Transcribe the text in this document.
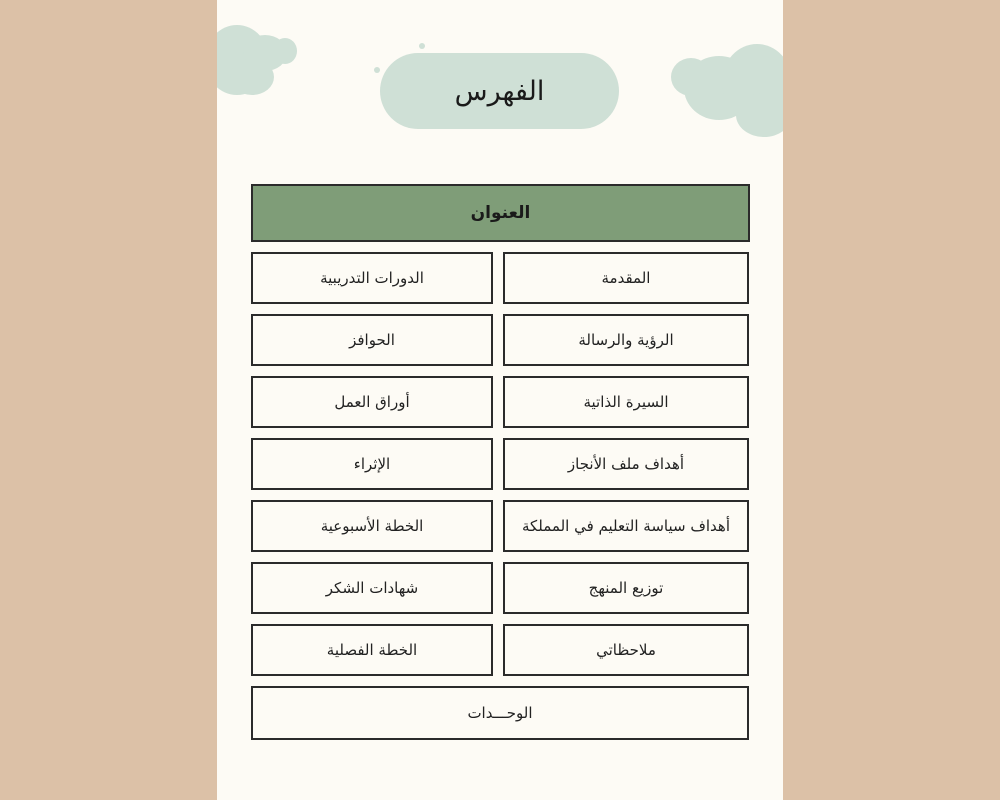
الفهرس
العنوان
المقدمة
الرؤية والرسالة
السيرة الذاتية
أهداف ملف الأنجاز
أهداف سياسة التعليم في المملكة
توزيع المنهج
ملاحظاتي
الدورات التدريبية
الحوافز
أوراق العمل
الإثراء
الخطة الأسبوعية
شهادات الشكر
الخطة الفصلية
الوحـــدات
